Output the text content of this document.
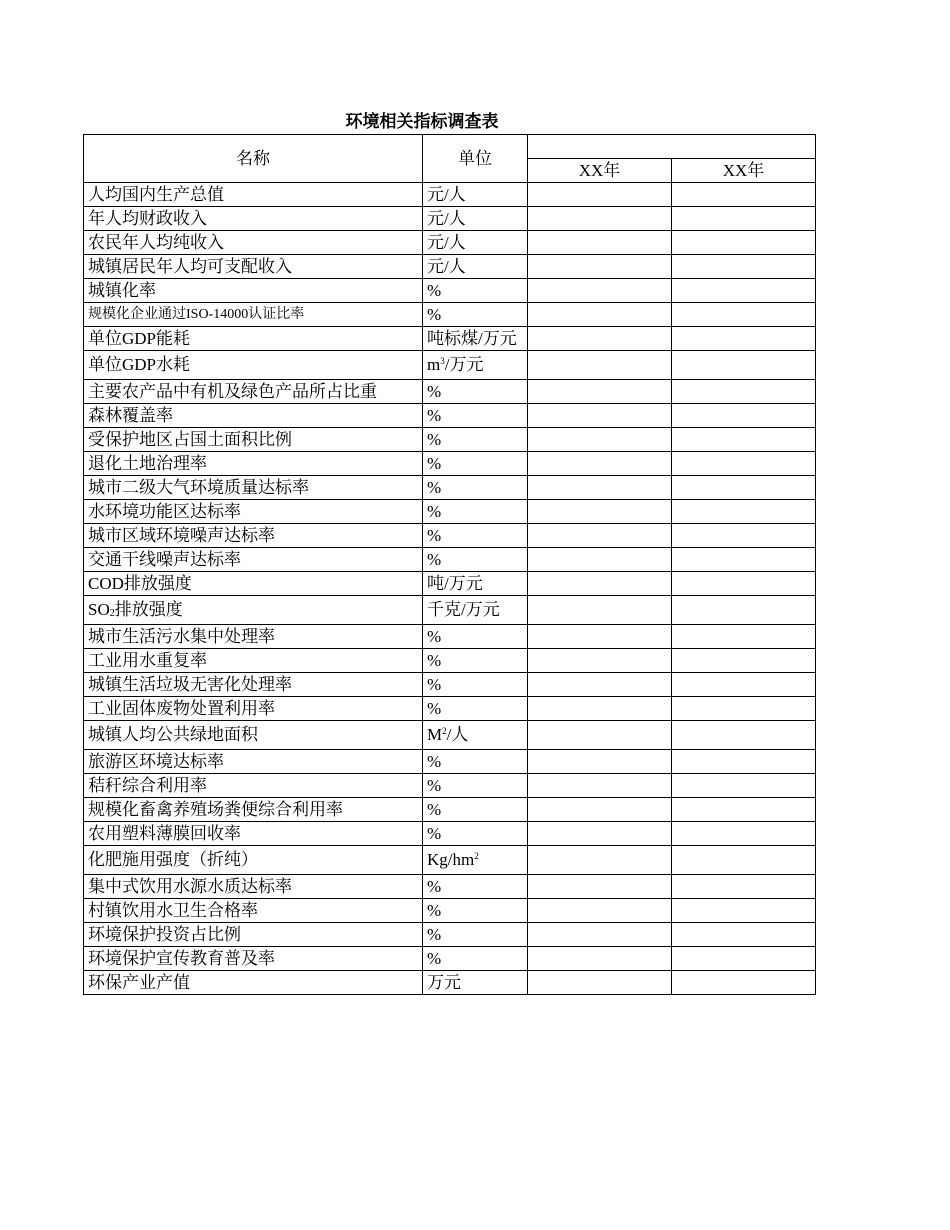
环境相关指标调查表
名称	单位		
		XX年	XX年
人均国内生产总值	元/人		
年人均财政收入	元/人		
农民年人均纯收入	元/人		
城镇居民年人均可支配收入	元/人		
城镇化率	%		
规模化企业通过ISO-14000认证比率	%		
单位GDP能耗	吨标煤/万元		
单位GDP水耗	$m^3/$万元		
主要农产品中有机及绿色产品所占比重	%		
森林覆盖率	%		
受保护地区占国土面积比例	%		
退化土地治理率	%		
城市二级大气环境质量达标率	%		
水环境功能区达标率	%		
城市区域环境噪声达标率	%		
交通干线噪声达标率	%		
COD排放强度	吨/万元		
$SO_2$排放强度	千克/万元		
城市生活污水集中处理率	%		
工业用水重复率	%		
城镇生活垃圾无害化处理率	%		
工业固体废物处置利用率	%		
城镇人均公共绿地面积	$M^2/$人		
旅游区环境达标率	%		
秸秆综合利用率	%		
规模化畜禽养殖场粪便综合利用率	%		
农用塑料薄膜回收率	%		
化肥施用强度（折纯）	$Kg/hm^2$		
集中式饮用水源水质达标率	%		
村镇饮用水卫生合格率	%		
环境保护投资占比例	%		
环境保护宣传教育普及率	%		
环保产业产值	万元		
